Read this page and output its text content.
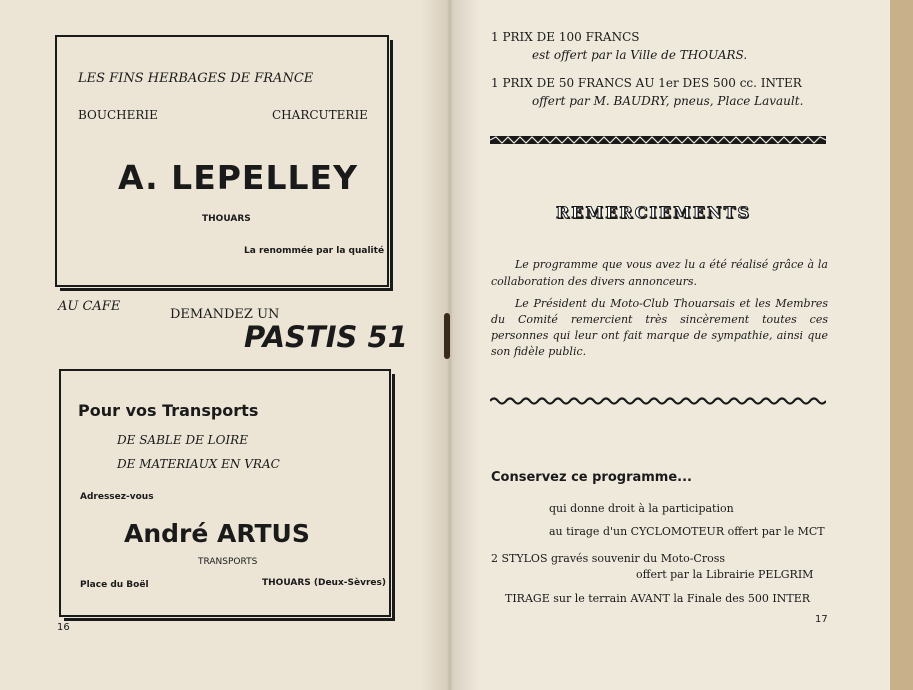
LES FINS HERBAGES DE FRANCE
BOUCHERIE	CHARCUTERIE
A. LEPELLEY
THOUARS
La renommée par la qualité
AU CAFE
DEMANDEZ UN
PASTIS 51
Pour vos Transports
DE SABLE DE LOIRE
DE MATERIAUX EN VRAC
Adressez-vous
André ARTUS
TRANSPORTS
Place du Boël	THOUARS (Deux-Sèvres)
16
1 PRIX DE 100 FRANCS
est offert par la Ville de THOUARS.
1 PRIX DE 50 FRANCS AU 1er DES 500 cc. INTER
offert par M. BAUDRY, pneus, Place Lavault.
REMERCIEMENTS
Le programme que vous avez lu a été réalisé grâce à la collaboration des divers annonceurs.
Le Président du Moto-Club Thouarsais et les Membres du Comité remercient très sincèrement toutes ces personnes qui leur ont fait marque de sympathie, ainsi que son fidèle public.
Conservez ce programme...
qui donne droit à la participation
au tirage d'un CYCLOMOTEUR offert par le MCT
2 STYLOS gravés souvenir du Moto-Cross
offert par la Librairie PELGRIM
TIRAGE sur le terrain AVANT la Finale des 500 INTER
17
